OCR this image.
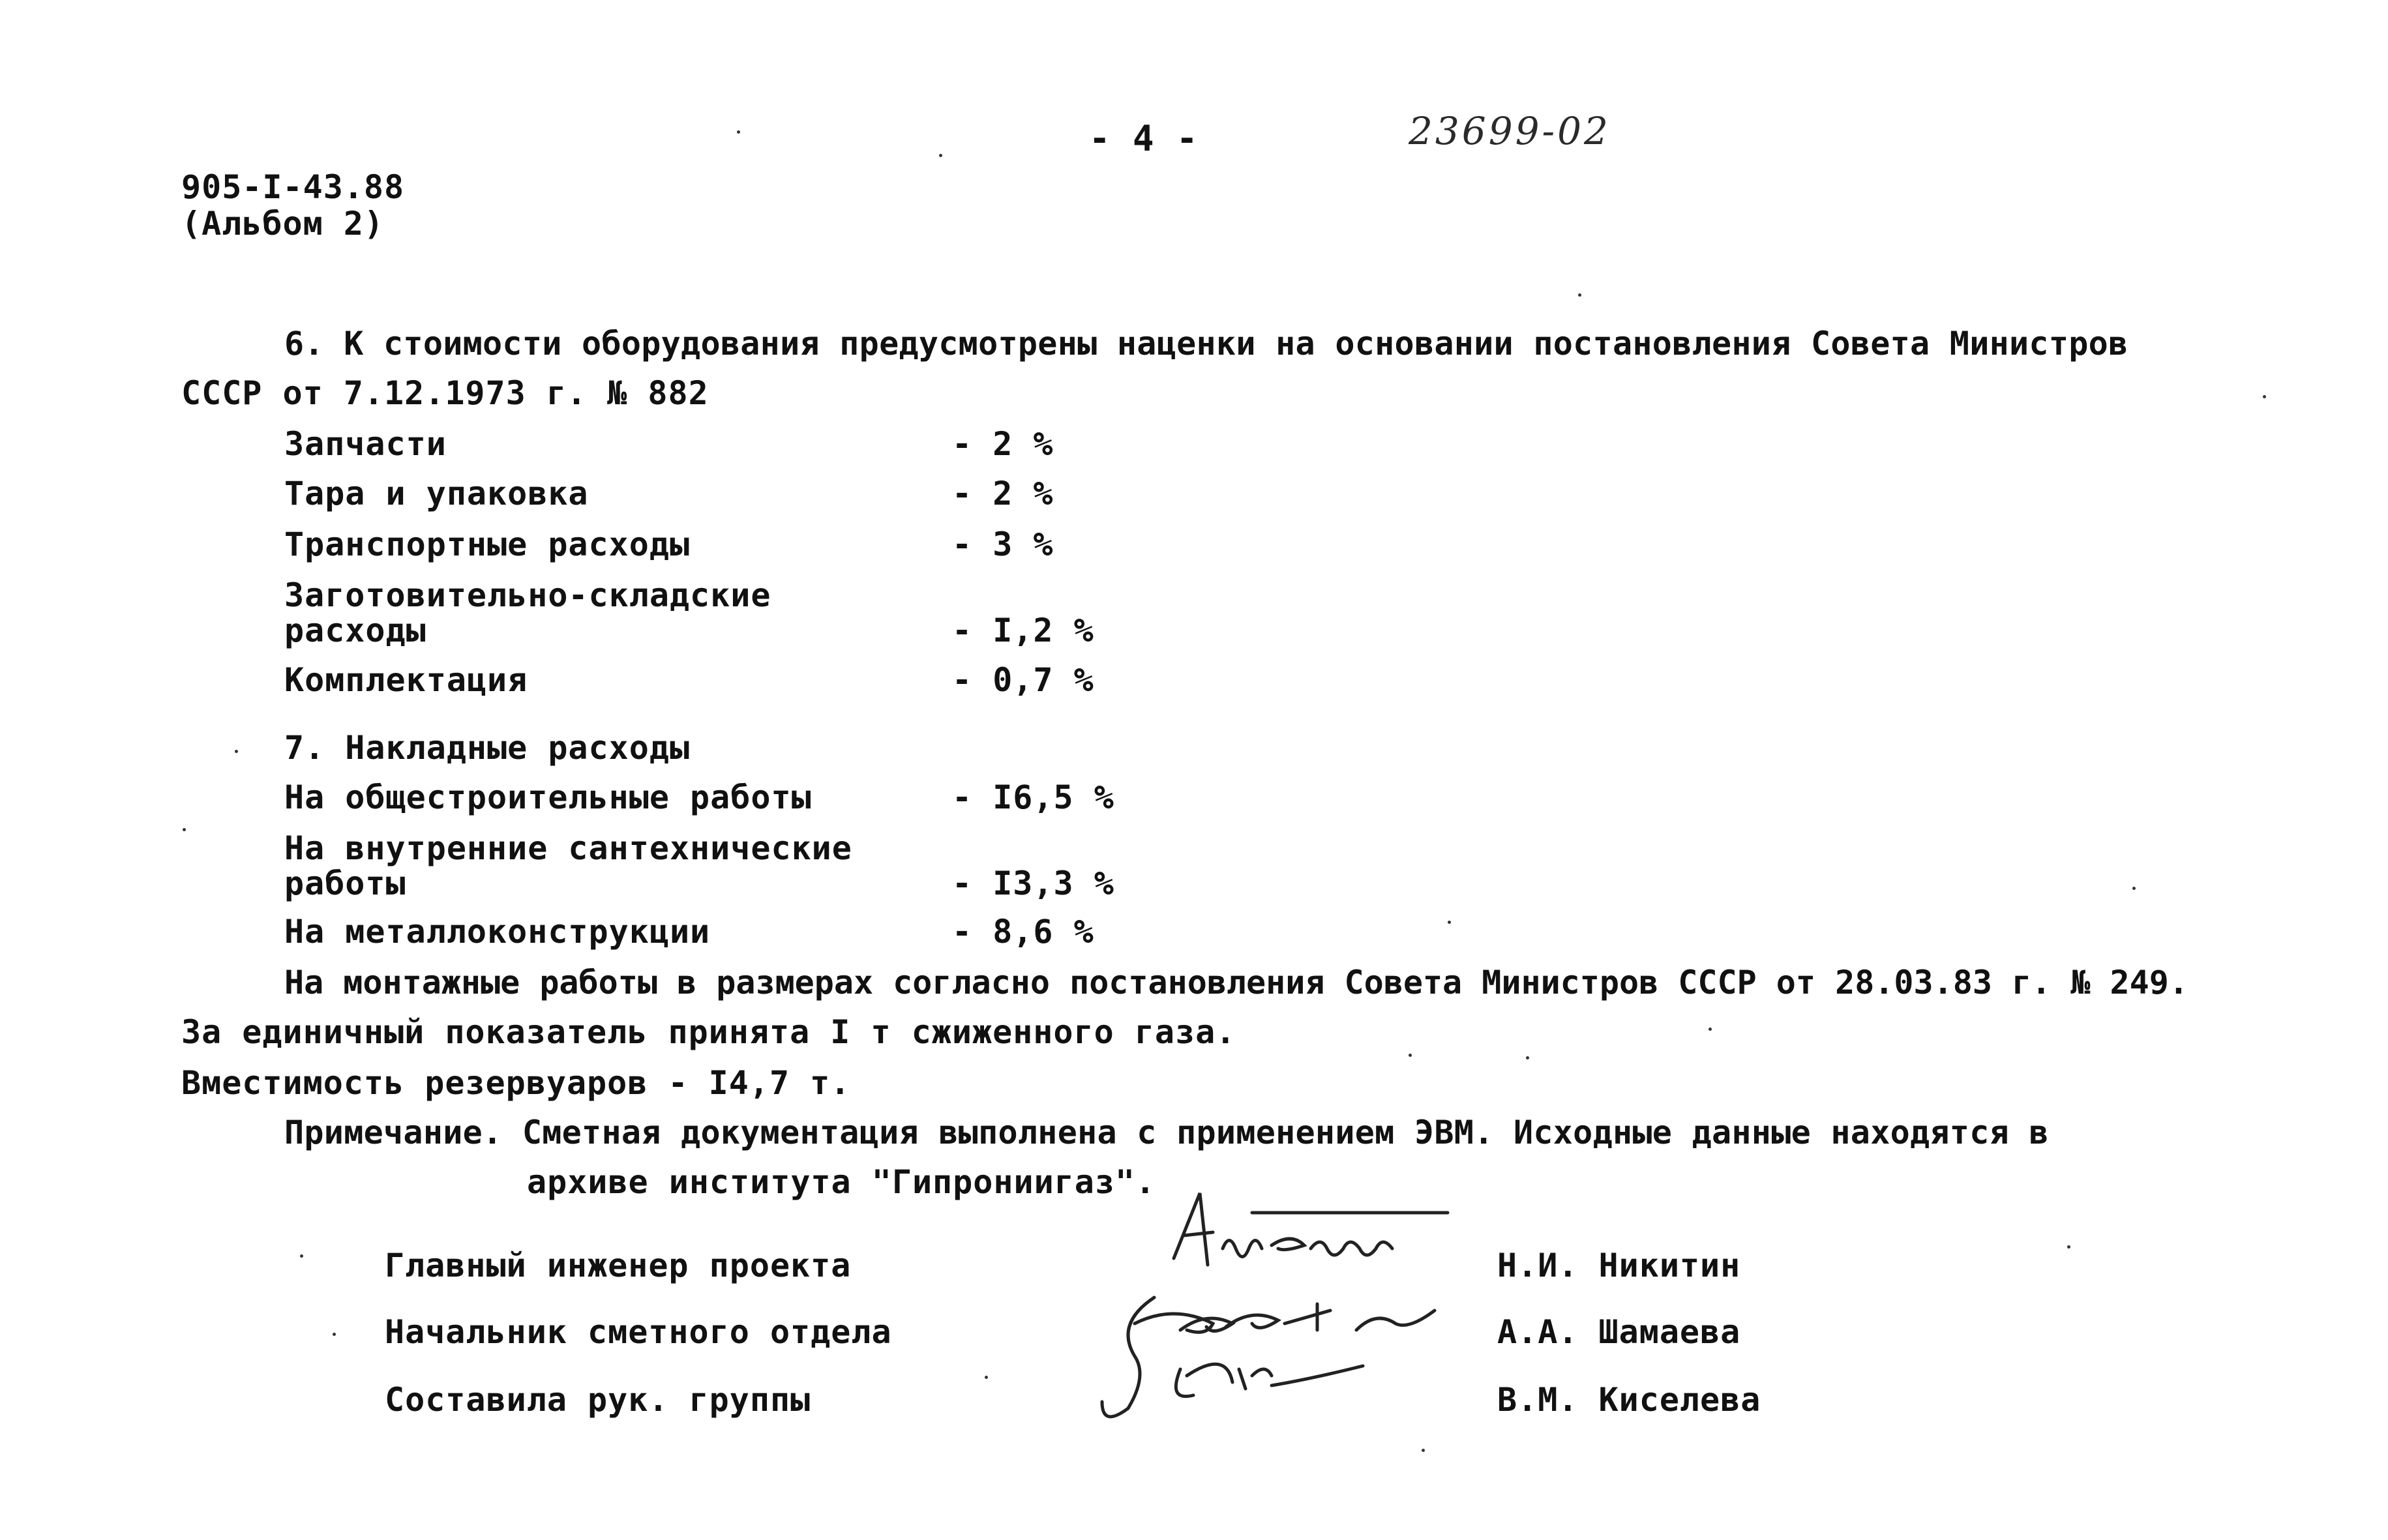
- 4 -	23699-02
905-I-43.88
(Альбом 2)
6. К стоимости оборудования предусмотрены наценки на основании постановления Совета Министров
СССР от 7.12.1973 г. № 882
Запчасти	- 2 %
Тара и упаковка	- 2 %
Транспортные расходы	- 3 %
Заготовительно-складские
расходы	- I,2 %
Комплектация	- 0,7 %
7. Накладные расходы
На общестроительные работы	- I6,5 %
На внутренние сантехнические
работы	- I3,3 %
На металлоконструкции	- 8,6 %
На монтажные работы в размерах согласно постановления Совета Министров СССР от 28.03.83 г. № 249.
За единичный показатель принята I т сжиженного газа.
Вместимость резервуаров - I4,7 т.
Примечание. Сметная документация выполнена с применением ЭВМ. Исходные данные находятся в
архиве института "Гипрониигаз".
Главный инженер проекта	Н.И. Никитин
Начальник сметного отдела	А.А. Шамаева
Составила рук. группы	В.М. Киселева
